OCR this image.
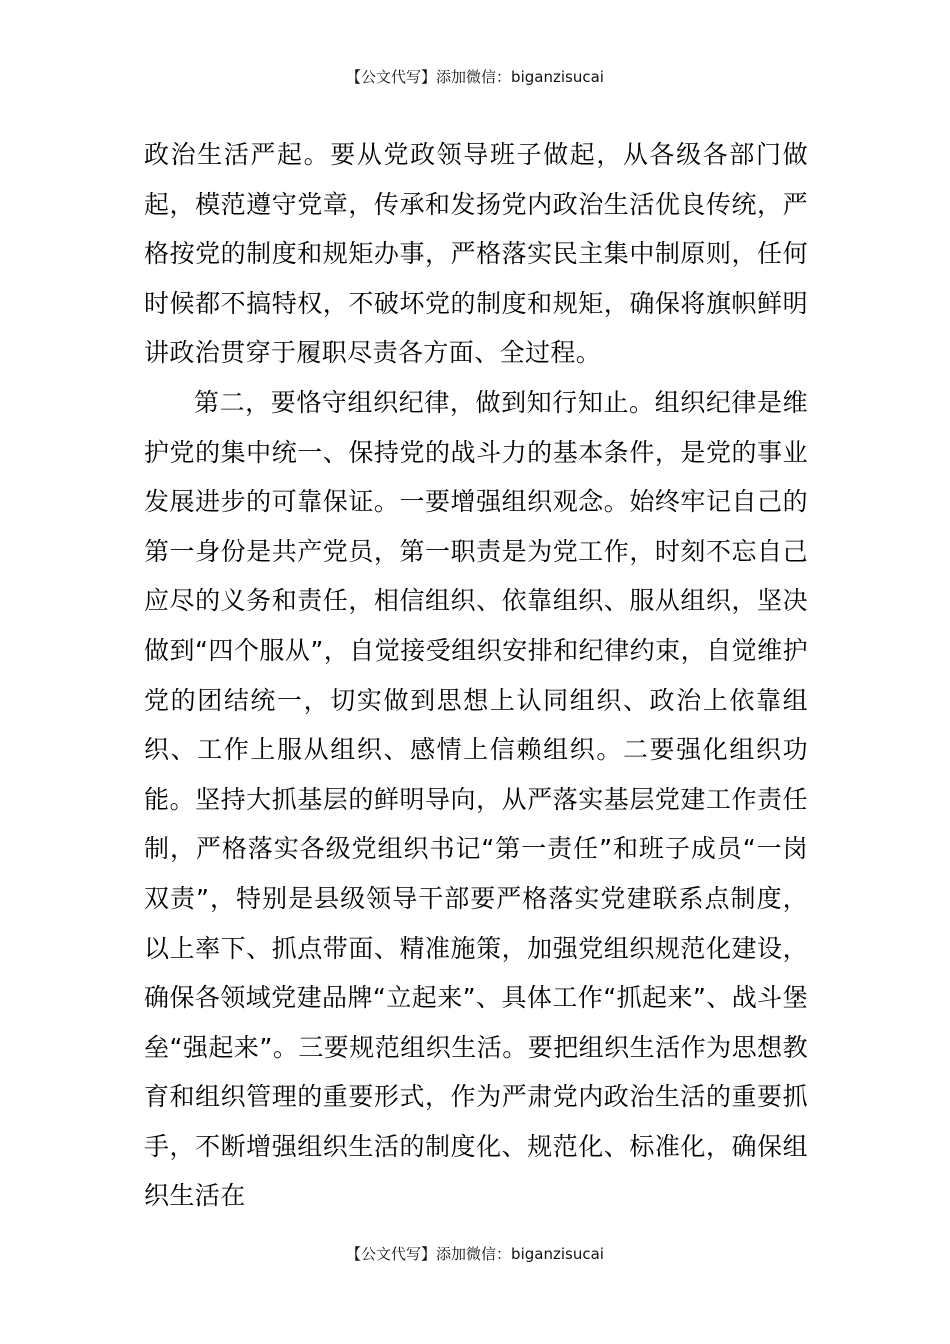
【公文代写】添加微信：biganzisucai

政治生活严起。要从党政领导班子做起，从各级各部门做起，模范遵守党章，传承和发扬党内政治生活优良传统，严格按党的制度和规矩办事，严格落实民主集中制原则，任何时候都不搞特权，不破坏党的制度和规矩，确保将旗帜鲜明讲政治贯穿于履职尽责各方面、全过程。

第二，要恪守组织纪律，做到知行知止。组织纪律是维护党的集中统一、保持党的战斗力的基本条件，是党的事业发展进步的可靠保证。一要增强组织观念。始终牢记自己的第一身份是共产党员，第一职责是为党工作，时刻不忘自己应尽的义务和责任，相信组织、依靠组织、服从组织，坚决做到“四个服从”，自觉接受组织安排和纪律约束，自觉维护党的团结统一，切实做到思想上认同组织、政治上依靠组织、工作上服从组织、感情上信赖组织。二要强化组织功能。坚持大抓基层的鲜明导向，从严落实基层党建工作责任制，严格落实各级党组织书记“第一责任”和班子成员“一岗双责”，特别是县级领导干部要严格落实党建联系点制度，以上率下、抓点带面、精准施策，加强党组织规范化建设，确保各领域党建品牌“立起来”、具体工作“抓起来”、战斗堡垒“强起来”。三要规范组织生活。要把组织生活作为思想教育和组织管理的重要形式，作为严肃党内政治生活的重要抓手，不断增强组织生活的制度化、规范化、标准化，确保组织生活在

【公文代写】添加微信：biganzisucai
